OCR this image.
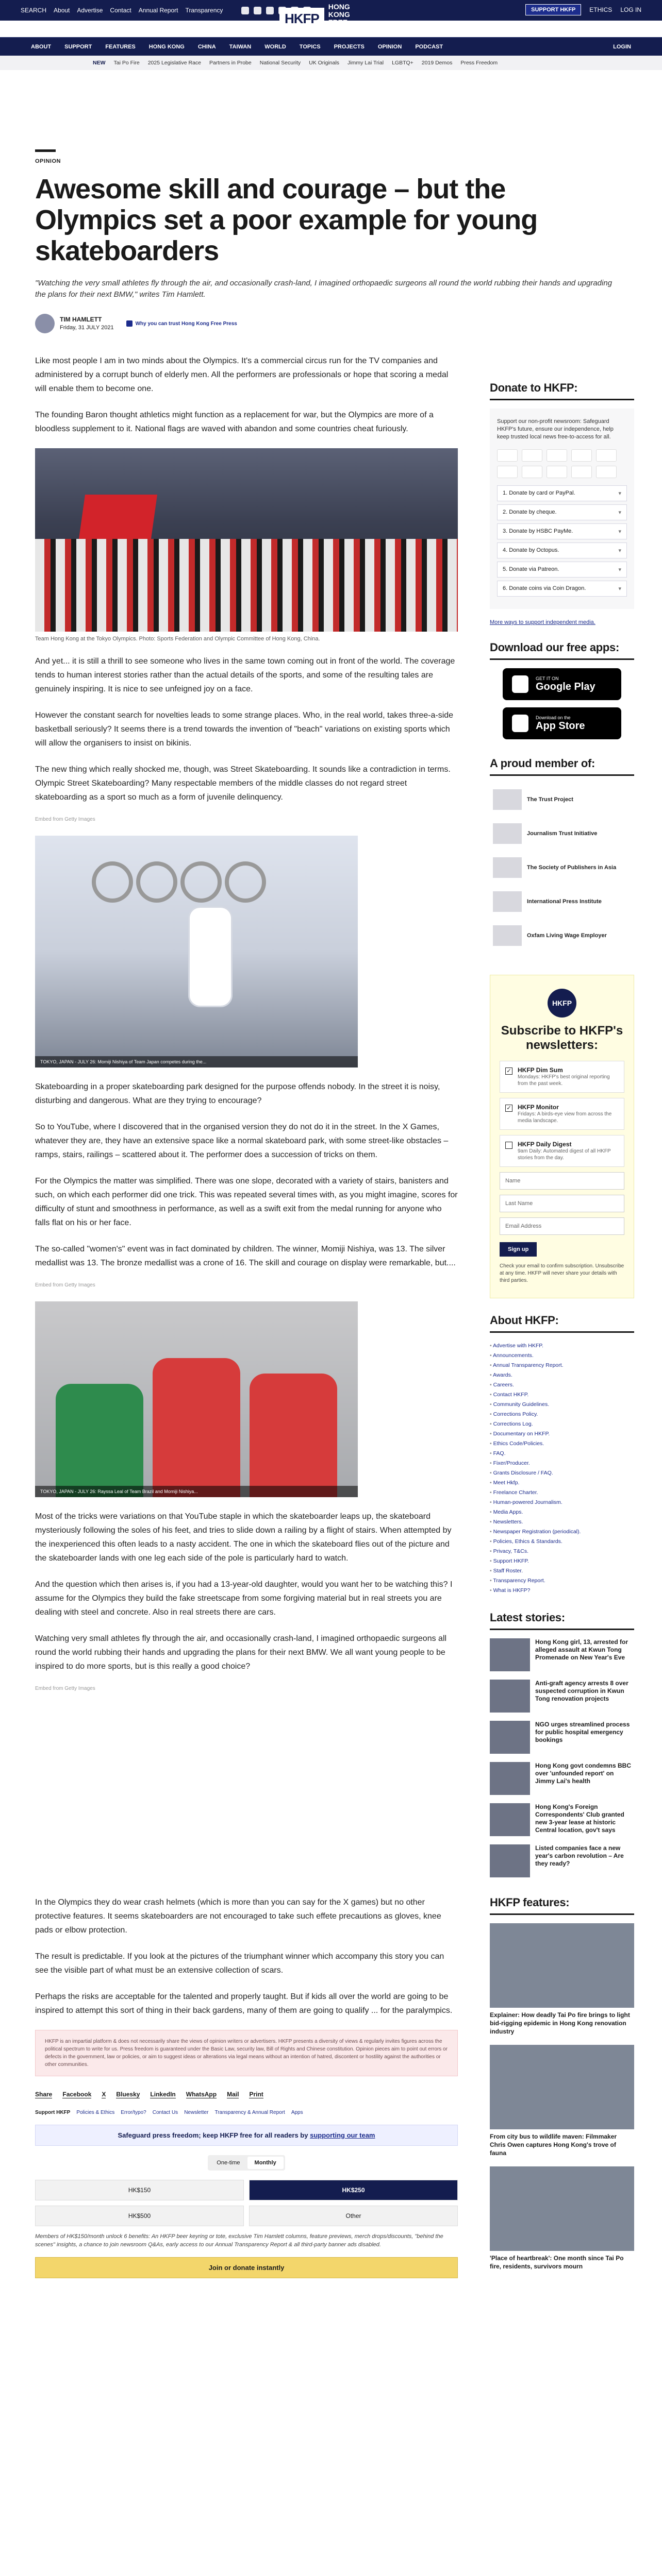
SEARCH About Advertise Contact Annual Report Transparency
HKFP
HONG KONG FREE PRESS
SUPPORT HKFP	ETHICS LOG IN
ABOUT SUPPORT FEATURES HONG KONG CHINA TAIWAN WORLD TOPICS PROJECTS OPINION PODCAST	LOGIN
NEW Tai Po Fire 2025 Legislative Race Partners in Probe National Security UK Originals Jimmy Lai Trial LGBTQ+ 2019 Demos Press Freedom
OPINION
Awesome skill and courage – but the Olympics set a poor example for young skateboarders

"Watching the very small athletes fly through the air, and occasionally crash-land, I imagined orthopaedic surgeons all round the world rubbing their hands and upgrading the plans for their next BMW," writes Tim Hamlett.

TIM HAMLETT
Friday, 31 JULY 2021
Why you can trust Hong Kong Free Press

Like most people I am in two minds about the Olympics. It's a commercial circus run for the TV companies and administered by a corrupt bunch of elderly men. All the performers are professionals or hope that scoring a medal will enable them to become one.

The founding Baron thought athletics might function as a replacement for war, but the Olympics are more of a bloodless supplement to it. National flags are waved with abandon and some countries cheat furiously.

Team Hong Kong at the Tokyo Olympics. Photo: Sports Federation and Olympic Committee of Hong Kong, China.

And yet... it is still a thrill to see someone who lives in the same town coming out in front of the world. The coverage tends to human interest stories rather than the actual details of the sports, and some of the resulting tales are genuinely inspiring. It is nice to see unfeigned joy on a face.

However the constant search for novelties leads to some strange places. Who, in the real world, takes three-a-side basketball seriously? It seems there is a trend towards the invention of "beach" variations on existing sports which will allow the organisers to insist on bikinis.

The new thing which really shocked me, though, was Street Skateboarding. It sounds like a contradiction in terms. Olympic Street Skateboarding? Many respectable members of the middle classes do not regard street skateboarding as a sport so much as a form of juvenile delinquency.

Embed from Getty Images

TOKYO, JAPAN - JULY 26: Momiji Nishiya of Team Japan competes during the...

Skateboarding in a proper skateboarding park designed for the purpose offends nobody. In the street it is noisy, disturbing and dangerous. What are they trying to encourage?

So to YouTube, where I discovered that in the organised version they do not do it in the street. In the X Games, whatever they are, they have an extensive space like a normal skateboard park, with some street-like obstacles – ramps, stairs, railings – scattered about it. The performer does a succession of tricks on them.

For the Olympics the matter was simplified. There was one slope, decorated with a variety of stairs, banisters and such, on which each performer did one trick. This was repeated several times with, as you might imagine, scores for difficulty of stunt and smoothness in performance, as well as a swift exit from the medal running for anyone who falls flat on his or her face.

The so-called "women's" event was in fact dominated by children. The winner, Momiji Nishiya, was 13. The silver medallist was 13. The bronze medallist was a crone of 16. The skill and courage on display were remarkable, but....

Embed from Getty Images

TOKYO, JAPAN - JULY 26: Rayssa Leal of Team Brazil and Momiji Nishiya...

Most of the tricks were variations on that YouTube staple in which the skateboarder leaps up, the skateboard mysteriously following the soles of his feet, and tries to slide down a railing by a flight of stairs. When attempted by the inexperienced this often leads to a nasty accident. The one in which the skateboard flies out of the picture and the skateboarder lands with one leg each side of the pole is particularly hard to watch.

And the question which then arises is, if you had a 13-year-old daughter, would you want her to be watching this? I assume for the Olympics they build the fake streetscape from some forgiving material but in real streets you are dealing with steel and concrete. Also in real streets there are cars.

Watching very small athletes fly through the air, and occasionally crash-land, I imagined orthopaedic surgeons all round the world rubbing their hands and upgrading the plans for their next BMW. We all want young people to be inspired to do more sports, but is this really a good choice?

Embed from Getty Images

In the Olympics they do wear crash helmets (which is more than you can say for the X games) but no other protective features. It seems skateboarders are not encouraged to take such effete precautions as gloves, knee pads or elbow protection.

The result is predictable. If you look at the pictures of the triumphant winner which accompany this story you can see the visible part of what must be an extensive collection of scars.

Perhaps the risks are acceptable for the talented and properly taught. But if kids all over the world are going to be inspired to attempt this sort of thing in their back gardens, many of them are going to qualify ... for the paralympics.

HKFP is an impartial platform & does not necessarily share the views of opinion writers or advertisers. HKFP presents a diversity of views & regularly invites figures across the political spectrum to write for us. Press freedom is guaranteed under the Basic Law, security law, Bill of Rights and Chinese constitution. Opinion pieces aim to point out errors or defects in the government, law or policies, or aim to suggest ideas or alterations via legal means without an intention of hatred, discontent or hostility against the authorities or other communities.
Share Facebook X Bluesky LinkedIn WhatsApp Mail Print
Support HKFP Policies & Ethics Error/typo? Contact Us Newsletter Transparency & Annual Report Apps
Safeguard press freedom; keep HKFP free for all readers by supporting our team
One-time	Monthly
HK$150	HK$250
HK$500	Other

Members of HK$150/month unlock 6 benefits: An HKFP beer keyring or tote, exclusive Tim Hamlett columns, feature previews, merch drops/discounts, "behind the scenes" insights, a chance to join newsroom Q&As, early access to our Annual Transparency Report & all third-party banner ads disabled.

Join or donate instantly
Donate to HKFP:

Support our non-profit newsroom: Safeguard HKFP's future, ensure our independence, help keep trusted local news free-to-access for all.

1. Donate by card or PayPal. ▾
2. Donate by cheque. ▾
3. Donate by HSBC PayMe. ▾
4. Donate by Octopus. ▾
5. Donate via Patreon. ▾
6. Donate coins via Coin Dragon. ▾

More ways to support independent media.

Download our free apps:
GET IT ON
Google Play
Download on the
App Store
A proud member of:
The Trust Project
Journalism Trust Initiative
The Society of Publishers in Asia
International Press Institute
Oxfam Living Wage Employer
HKFP
Subscribe to HKFP's newsletters:
✓ HKFP Dim Sum
Mondays: HKFP's best original reporting from the past week.
✓ HKFP Monitor
Fridays: A birds-eye view from across the media landscape.
HKFP Daily Digest
9am Daily: Automated digest of all HKFP stories from the day.
Name
Last Name
Email Address
Sign up

Check your email to confirm subscription. Unsubscribe at any time. HKFP will never share your details with third parties.

About HKFP:
• Advertise with HKFP.
• Announcements.
• Annual Transparency Report.
• Awards.
• Careers.
• Contact HKFP.
• Community Guidelines.
• Corrections Policy.
• Corrections Log.
• Documentary on HKFP.
• Ethics Code/Policies.
• FAQ.
• Fixer/Producer.
• Grants Disclosure / FAQ.
• Meet Hkfp.
• Freelance Charter.
• Human-powered Journalism.
• Media Apps.
• Newsletters.
• Newspaper Registration (periodical).
• Policies, Ethics & Standards.
• Privacy, T&Cs.
• Support HKFP.
• Staff Roster.
• Transparency Report.
• What is HKFP?
Latest stories:
Hong Kong girl, 13, arrested for alleged assault at Kwun Tong Promenade on New Year's Eve
Anti-graft agency arrests 8 over suspected corruption in Kwun Tong renovation projects
NGO urges streamlined process for public hospital emergency bookings
Hong Kong govt condemns BBC over 'unfounded report' on Jimmy Lai's health
Hong Kong's Foreign Correspondents' Club granted new 3-year lease at historic Central location, gov't says
Listed companies face a new year's carbon revolution – Are they ready?
HKFP features:
Explainer: How deadly Tai Po fire brings to light bid-rigging epidemic in Hong Kong renovation industry
From city bus to wildlife maven: Filmmaker Chris Owen captures Hong Kong's trove of fauna
'Place of heartbreak': One month since Tai Po fire, residents, survivors mourn
